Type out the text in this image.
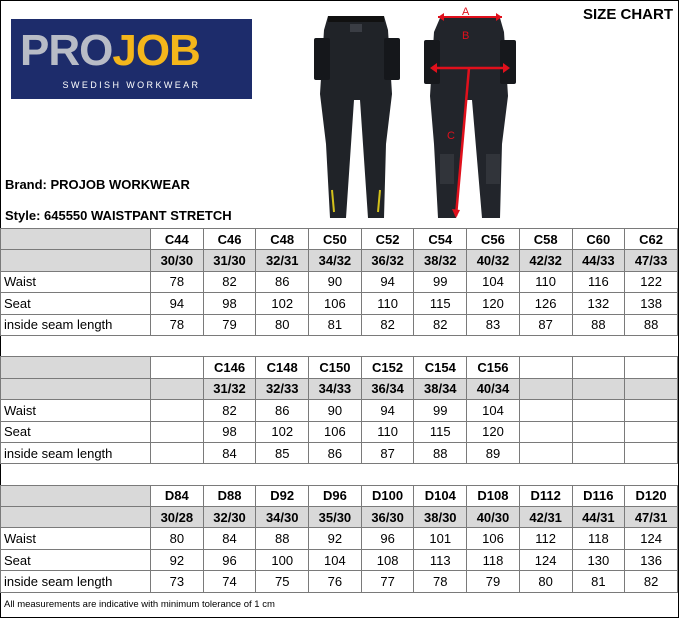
SIZE CHART
PROJOB
SWEDISH WORKWEAR
A
B
C
Brand: PROJOB WORKWEAR
Style: 645550 WAISTPANT STRETCH
	C44	C46	C48	C50	C52	C54	C56	C58	C60	C62
	30/30	31/30	32/31	34/32	36/32	38/32	40/32	42/32	44/33	47/33
Waist	78	82	86	90	94	99	104	110	116	122
Seat	94	98	102	106	110	115	120	126	132	138
inside seam length	78	79	80	81	82	82	83	87	88	88

		C146	C148	C150	C152	C154	C156			
		31/32	32/33	34/33	36/34	38/34	40/34			
Waist		82	86	90	94	99	104			
Seat		98	102	106	110	115	120			
inside seam length		84	85	86	87	88	89			

	D84	D88	D92	D96	D100	D104	D108	D112	D116	D120
	30/28	32/30	34/30	35/30	36/30	38/30	40/30	42/31	44/31	47/31
Waist	80	84	88	92	96	101	106	112	118	124
Seat	92	96	100	104	108	113	118	124	130	136
inside seam length	73	74	75	76	77	78	79	80	81	82
All measurements are indicative with minimum tolerance of 1 cm
